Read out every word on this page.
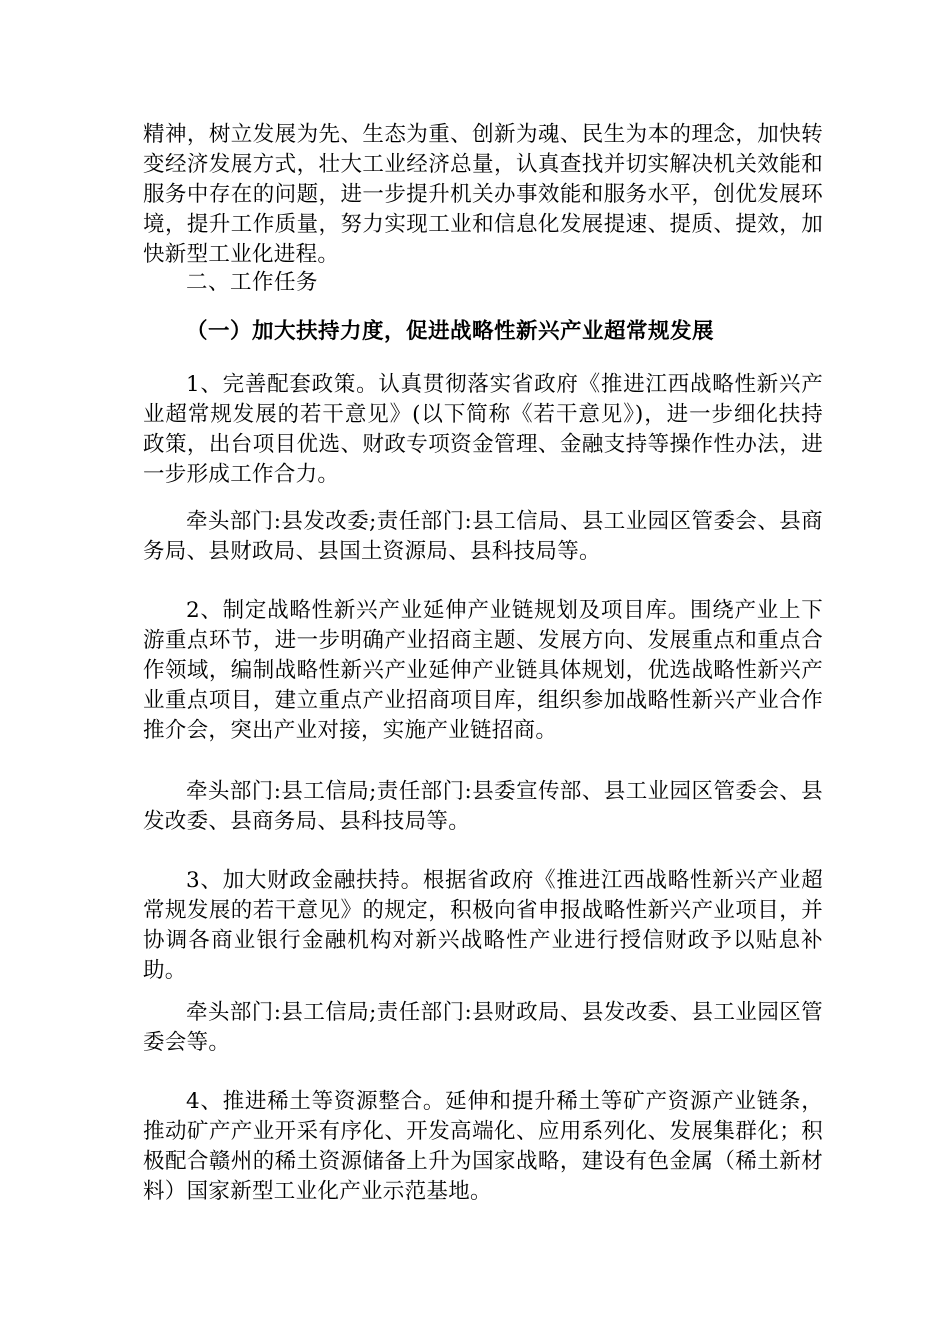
精神，树立发展为先、生态为重、创新为魂、民生为本的理念，加快转变经济发展方式，壮大工业经济总量，认真查找并切实解决机关效能和服务中存在的问题，进一步提升机关办事效能和服务水平，创优发展环境，提升工作质量，努力实现工业和信息化发展提速、提质、提效，加快新型工业化进程。

二、工作任务

（一）加大扶持力度，促进战略性新兴产业超常规发展

1、完善配套政策。认真贯彻落实省政府《推进江西战略性新兴产业超常规发展的若干意见》(以下简称《若干意见》)，进一步细化扶持政策，出台项目优选、财政专项资金管理、金融支持等操作性办法，进一步形成工作合力。

牵头部门:县发改委;责任部门:县工信局、县工业园区管委会、县商务局、县财政局、县国土资源局、县科技局等。

2、制定战略性新兴产业延伸产业链规划及项目库。围绕产业上下游重点环节，进一步明确产业招商主题、发展方向、发展重点和重点合作领域，编制战略性新兴产业延伸产业链具体规划，优选战略性新兴产业重点项目，建立重点产业招商项目库，组织参加战略性新兴产业合作推介会，突出产业对接，实施产业链招商。

牵头部门:县工信局;责任部门:县委宣传部、县工业园区管委会、县发改委、县商务局、县科技局等。

3、加大财政金融扶持。根据省政府《推进江西战略性新兴产业超常规发展的若干意见》的规定，积极向省申报战略性新兴产业项目，并协调各商业银行金融机构对新兴战略性产业进行授信财政予以贴息补助。

牵头部门:县工信局;责任部门:县财政局、县发改委、县工业园区管委会等。

4、推进稀土等资源整合。延伸和提升稀土等矿产资源产业链条，推动矿产产业开采有序化、开发高端化、应用系列化、发展集群化；积极配合赣州的稀土资源储备上升为国家战略，建设有色金属（稀土新材料）国家新型工业化产业示范基地。
